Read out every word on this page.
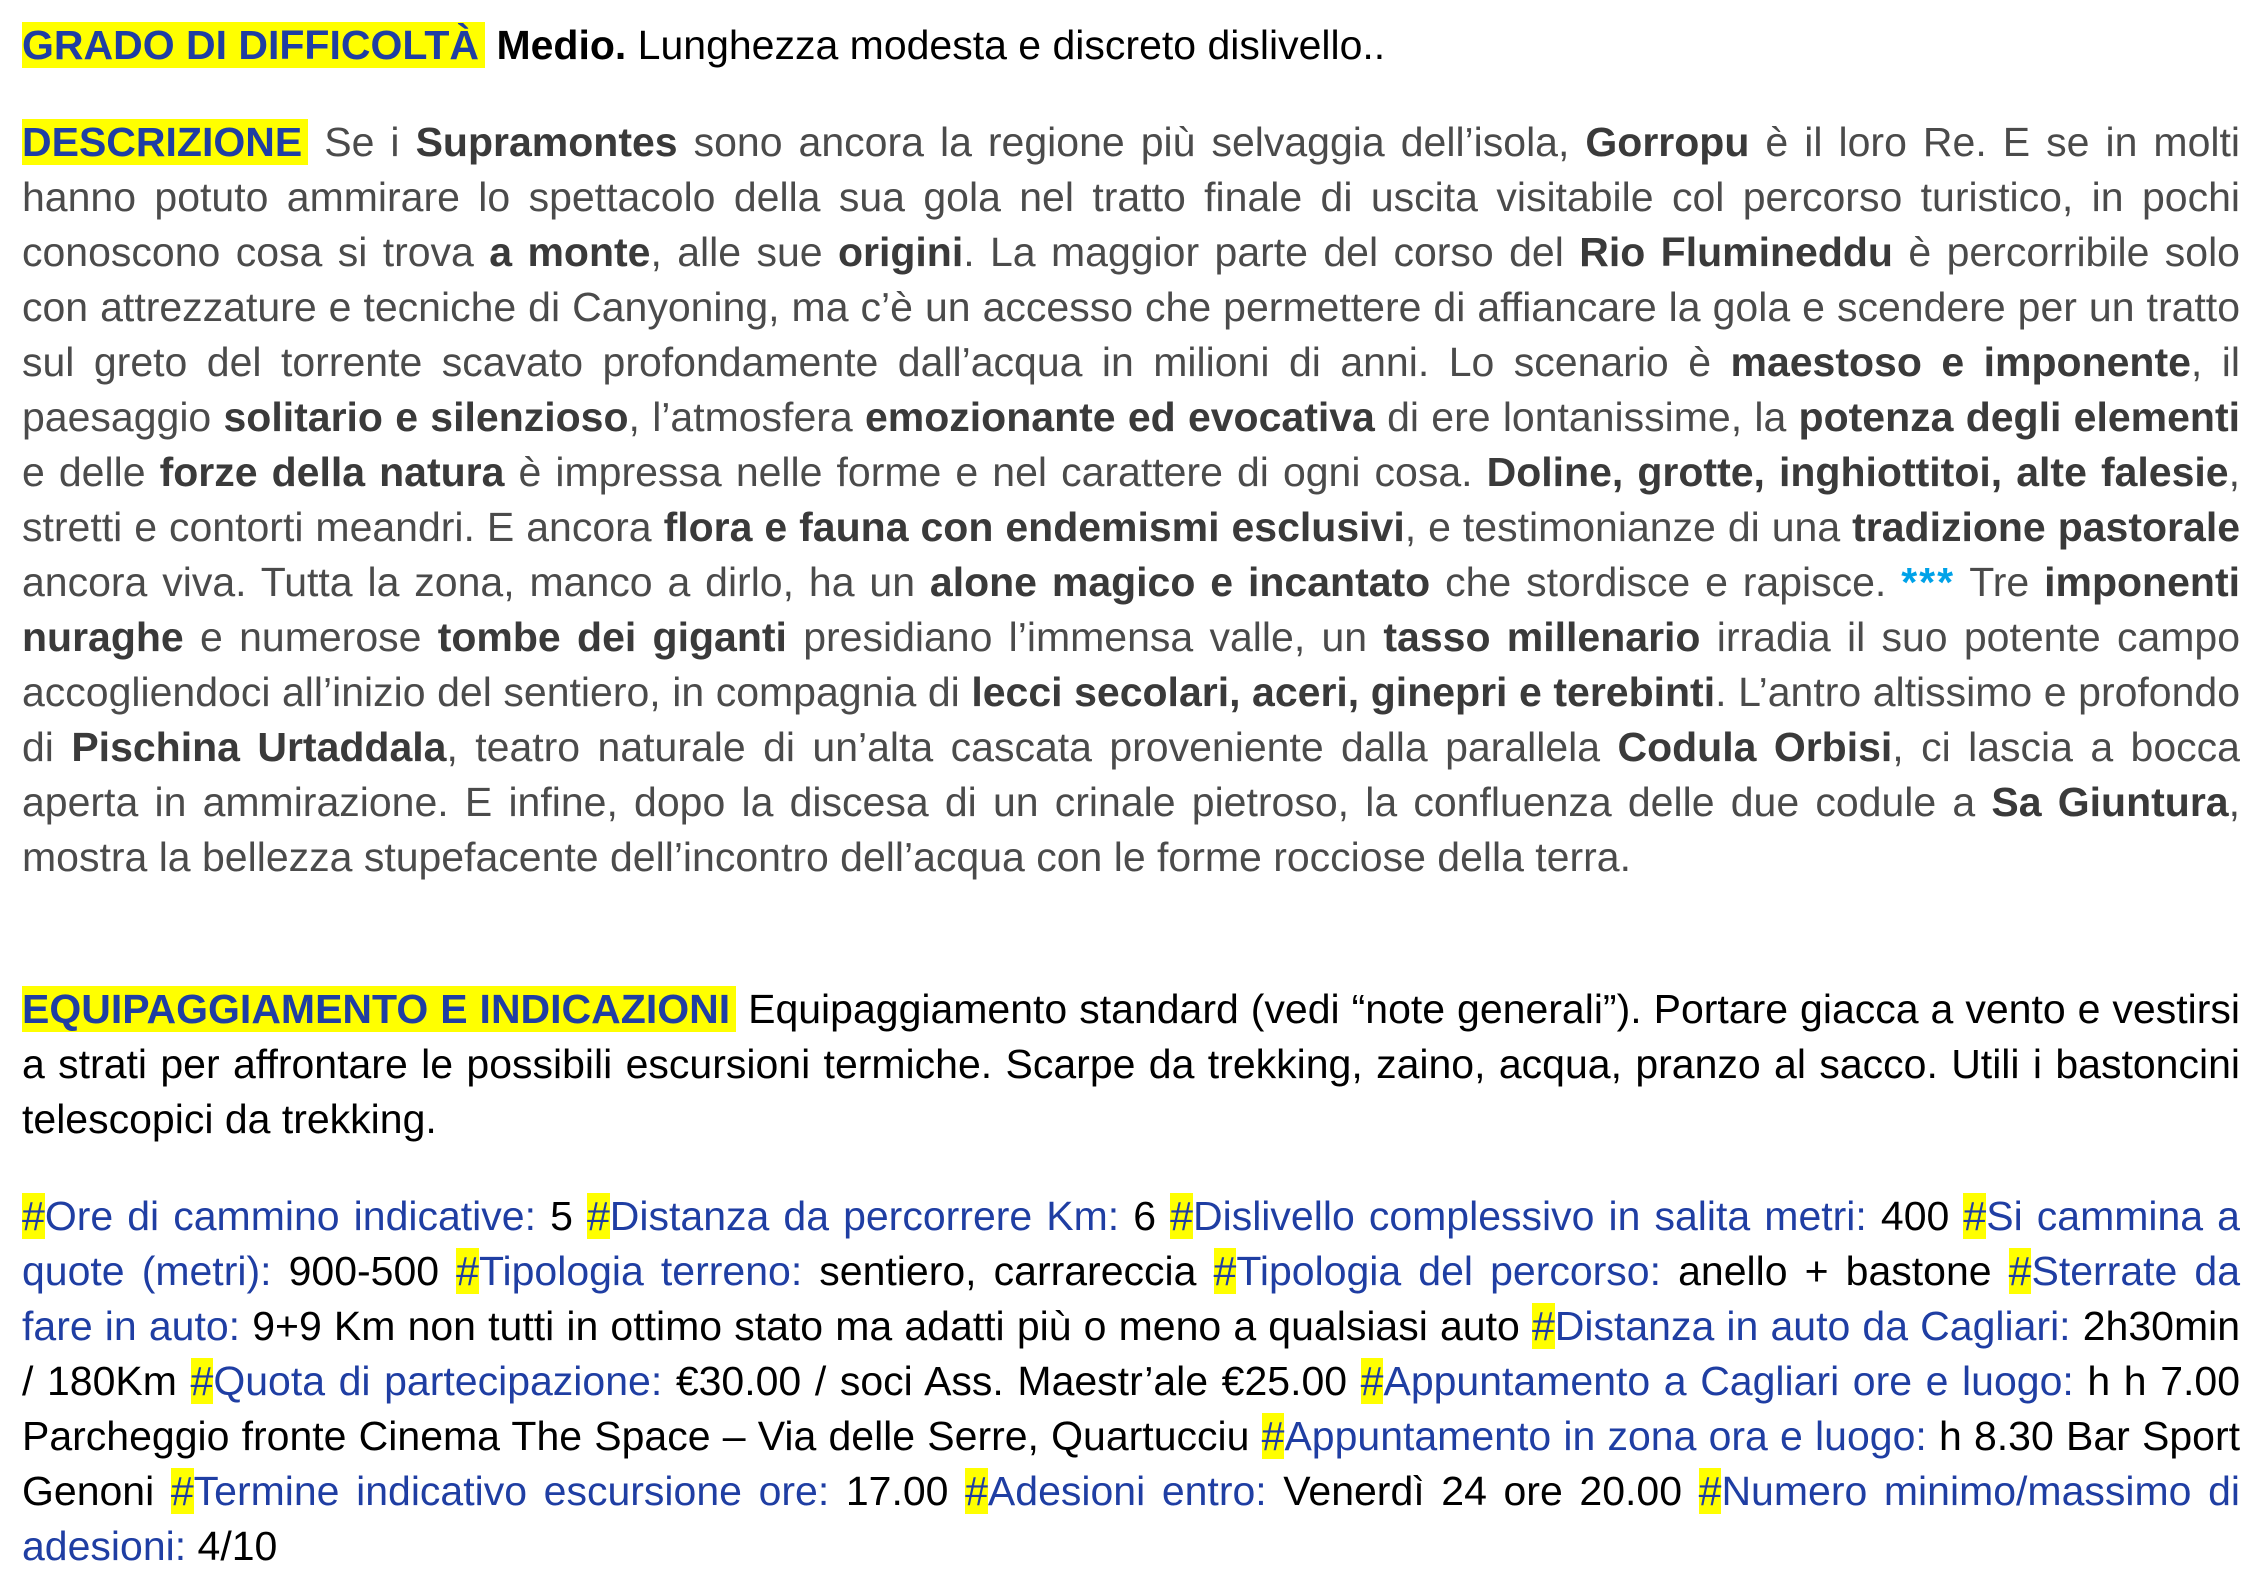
GRADO DI DIFFICOLTÀ Medio. Lunghezza modesta e discreto dislivello..

DESCRIZIONE Se i Supramontes sono ancora la regione più selvaggia dell’isola, Gorropu è il loro Re. E se in molti hanno potuto ammirare lo spettacolo della sua gola nel tratto finale di uscita visitabile col percorso turistico, in pochi conoscono cosa si trova a monte, alle sue origini. La maggior parte del corso del Rio Flumineddu è percorribile solo con attrezzature e tecniche di Canyoning, ma c’è un accesso che permettere di affiancare la gola e scendere per un tratto sul greto del torrente scavato profondamente dall’acqua in milioni di anni. Lo scenario è maestoso e imponente, il paesaggio solitario e silenzioso, l’atmosfera emozionante ed evocativa di ere lontanissime, la potenza degli elementi e delle forze della natura è impressa nelle forme e nel carattere di ogni cosa. Doline, grotte, inghiottitoi, alte falesie, stretti e contorti meandri. E ancora flora e fauna con endemismi esclusivi, e testimonianze di una tradizione pastorale ancora viva. Tutta la zona, manco a dirlo, ha un alone magico e incantato che stordisce e rapisce. *** Tre imponenti nuraghe e numerose tombe dei giganti presidiano l’immensa valle, un tasso millenario irradia il suo potente campo accogliendoci all’inizio del sentiero, in compagnia di lecci secolari, aceri, ginepri e terebinti. L’antro altissimo e profondo di Pischina Urtaddala, teatro naturale di un’alta cascata proveniente dalla parallela Codula Orbisi, ci lascia a bocca aperta in ammirazione. E infine, dopo la discesa di un crinale pietroso, la confluenza delle due codule a Sa Giuntura, mostra la bellezza stupefacente dell’incontro dell’acqua con le forme rocciose della terra.

EQUIPAGGIAMENTO E INDICAZIONI Equipaggiamento standard (vedi “note generali”). Portare giacca a vento e vestirsi a strati per affrontare le possibili escursioni termiche. Scarpe da trekking, zaino, acqua, pranzo al sacco. Utili i bastoncini telescopici da trekking.

#Ore di cammino indicative: 5 #Distanza da percorrere Km: 6 #Dislivello complessivo in salita metri: 400 #Si cammina a quote (metri): 900-500 #Tipologia terreno: sentiero, carrareccia #Tipologia del percorso: anello + bastone #Sterrate da fare in auto: 9+9 Km non tutti in ottimo stato ma adatti più o meno a qualsiasi auto #Distanza in auto da Cagliari: 2h30min / 180Km #Quota di partecipazione: €30.00 / soci Ass. Maestr’ale €25.00 #Appuntamento a Cagliari ore e luogo: h h 7.00 Parcheggio fronte Cinema The Space – Via delle Serre, Quartucciu #Appuntamento in zona ora e luogo: h 8.30 Bar Sport Genoni #Termine indicativo escursione ore: 17.00 #Adesioni entro: Venerdì 24 ore 20.00 #Numero minimo/massimo di adesioni: 4/10
